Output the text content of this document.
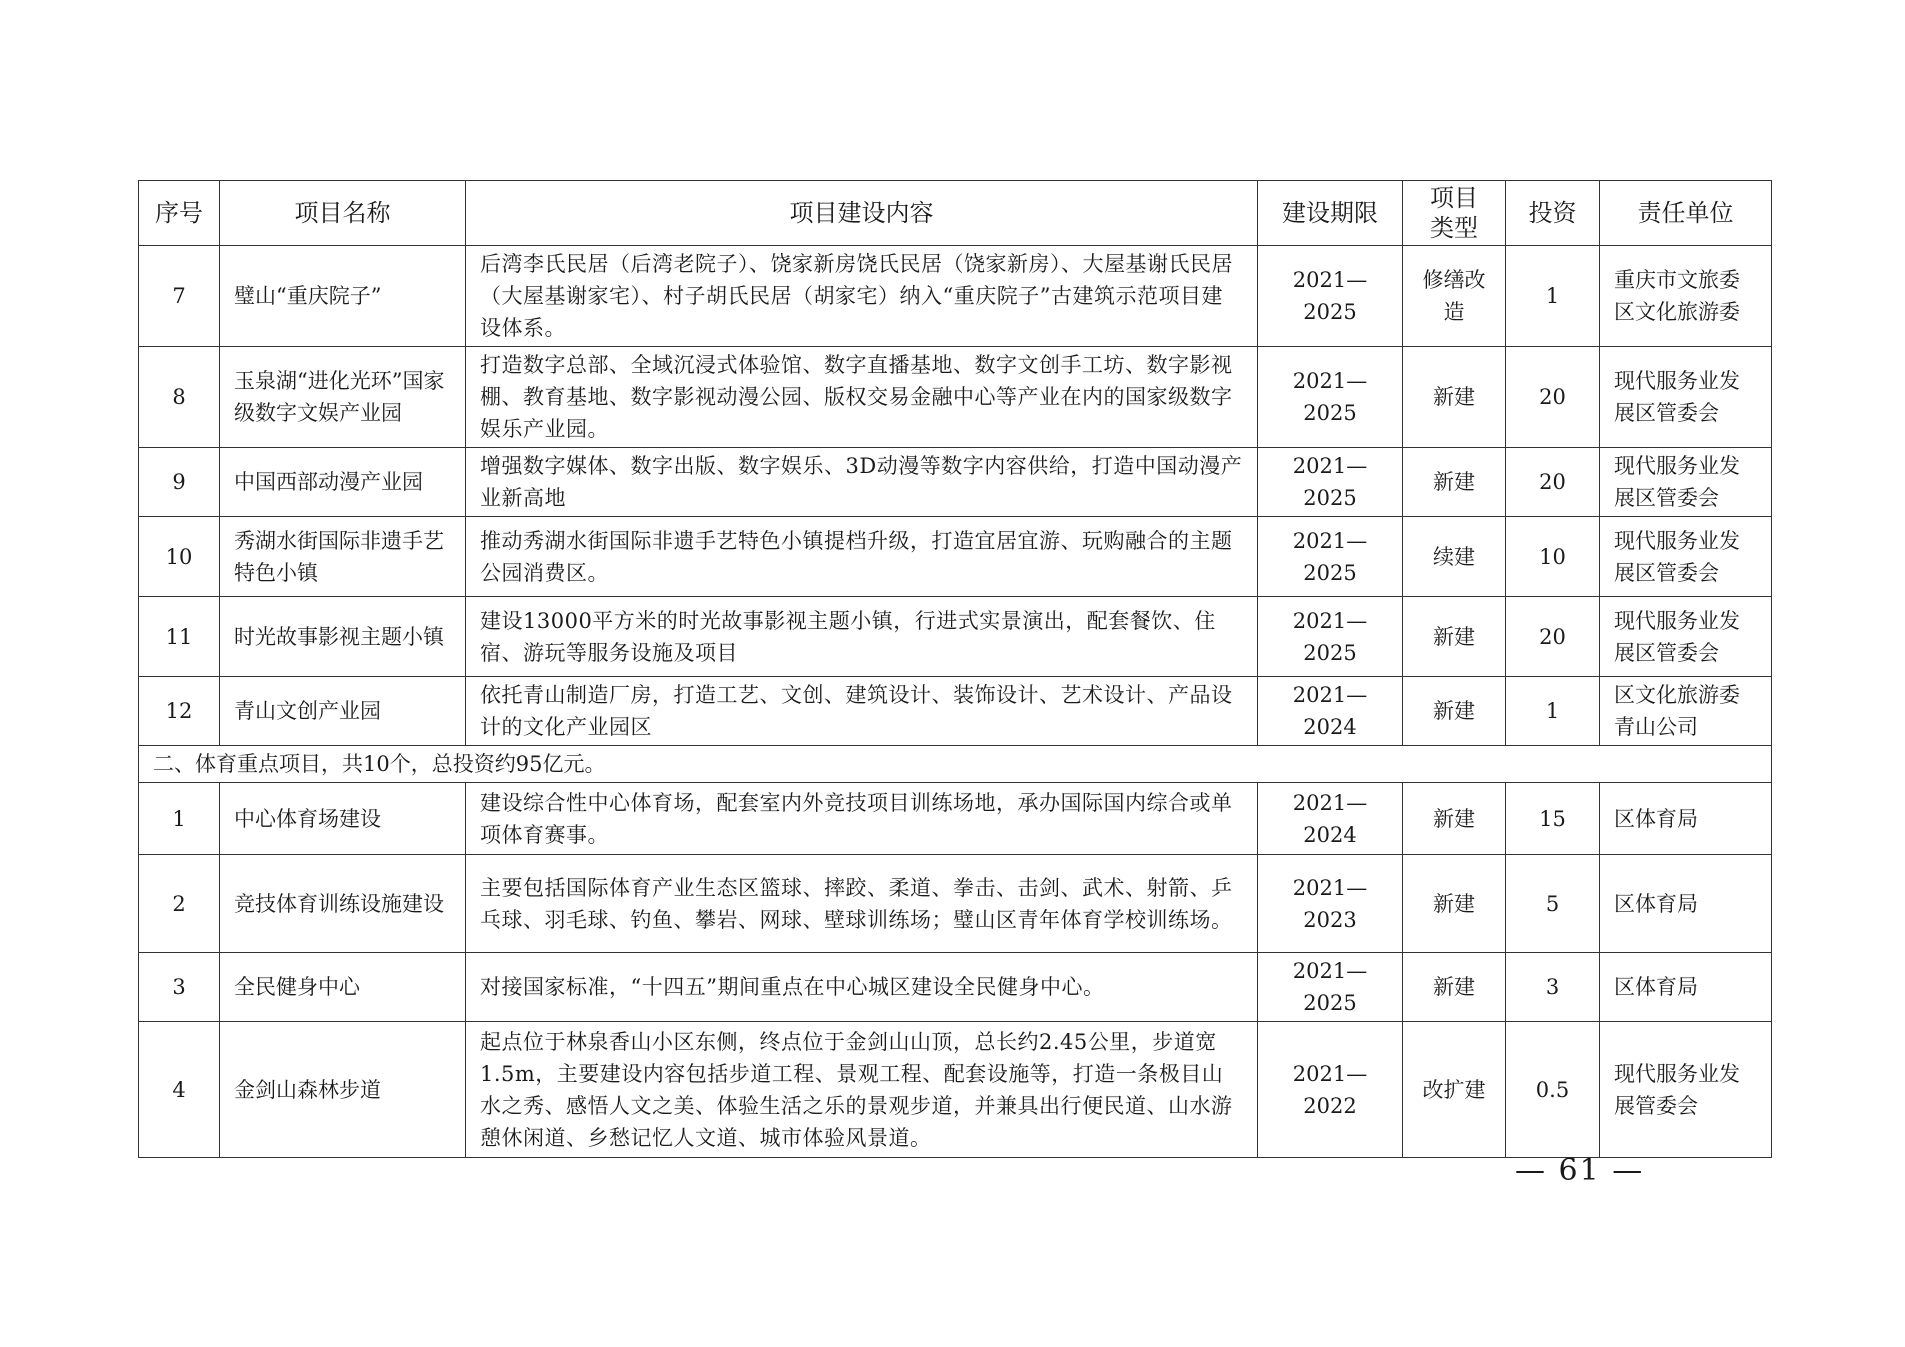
序号	项目名称	项目建设内容	建设期限	项目类型	投资	责任单位
7	璧山“重庆院子”	后湾李氏民居（后湾老院子）、饶家新房饶氏民居（饶家新房）、大屋基谢氏民居（大屋基谢家宅）、村子胡氏民居（胡家宅）纳入“重庆院子”古建筑示范项目建设体系。	2021—2025	修缮改造	1	重庆市文旅委区文化旅游委
8	玉泉湖“进化光环”国家级数字文娱产业园	打造数字总部、全域沉浸式体验馆、数字直播基地、数字文创手工坊、数字影视棚、教育基地、数字影视动漫公园、版权交易金融中心等产业在内的国家级数字娱乐产业园。	2021—2025	新建	20	现代服务业发展区管委会
9	中国西部动漫产业园	增强数字媒体、数字出版、数字娱乐、3D动漫等数字内容供给，打造中国动漫产业新高地	2021—2025	新建	20	现代服务业发展区管委会
10	秀湖水街国际非遗手艺特色小镇	推动秀湖水街国际非遗手艺特色小镇提档升级，打造宜居宜游、玩购融合的主题公园消费区。	2021—2025	续建	10	现代服务业发展区管委会
11	时光故事影视主题小镇	建设13000平方米的时光故事影视主题小镇，行进式实景演出，配套餐饮、住宿、游玩等服务设施及项目	2021—2025	新建	20	现代服务业发展区管委会
12	青山文创产业园	依托青山制造厂房，打造工艺、文创、建筑设计、装饰设计、艺术设计、产品设计的文化产业园区	2021—2024	新建	1	区文化旅游委青山公司
二、体育重点项目，共10个，总投资约95亿元。						
1	中心体育场建设	建设综合性中心体育场，配套室内外竞技项目训练场地，承办国际国内综合或单项体育赛事。	2021—2024	新建	15	区体育局
2	竞技体育训练设施建设	主要包括国际体育产业生态区篮球、摔跤、柔道、拳击、击剑、武术、射箭、乒乓球、羽毛球、钓鱼、攀岩、网球、壁球训练场；璧山区青年体育学校训练场。	2021—2023	新建	5	区体育局
3	全民健身中心	对接国家标准，“十四五”期间重点在中心城区建设全民健身中心。	2021—2025	新建	3	区体育局
4	金剑山森林步道	起点位于林泉香山小区东侧，终点位于金剑山山顶，总长约2.45公里，步道宽1.5m，主要建设内容包括步道工程、景观工程、配套设施等，打造一条极目山水之秀、感悟人文之美、体验生活之乐的景观步道，并兼具出行便民道、山水游憩休闲道、乡愁记忆人文道、城市体验风景道。	2021—2022	改扩建	0.5	现代服务业发展管委会
— 61 —
